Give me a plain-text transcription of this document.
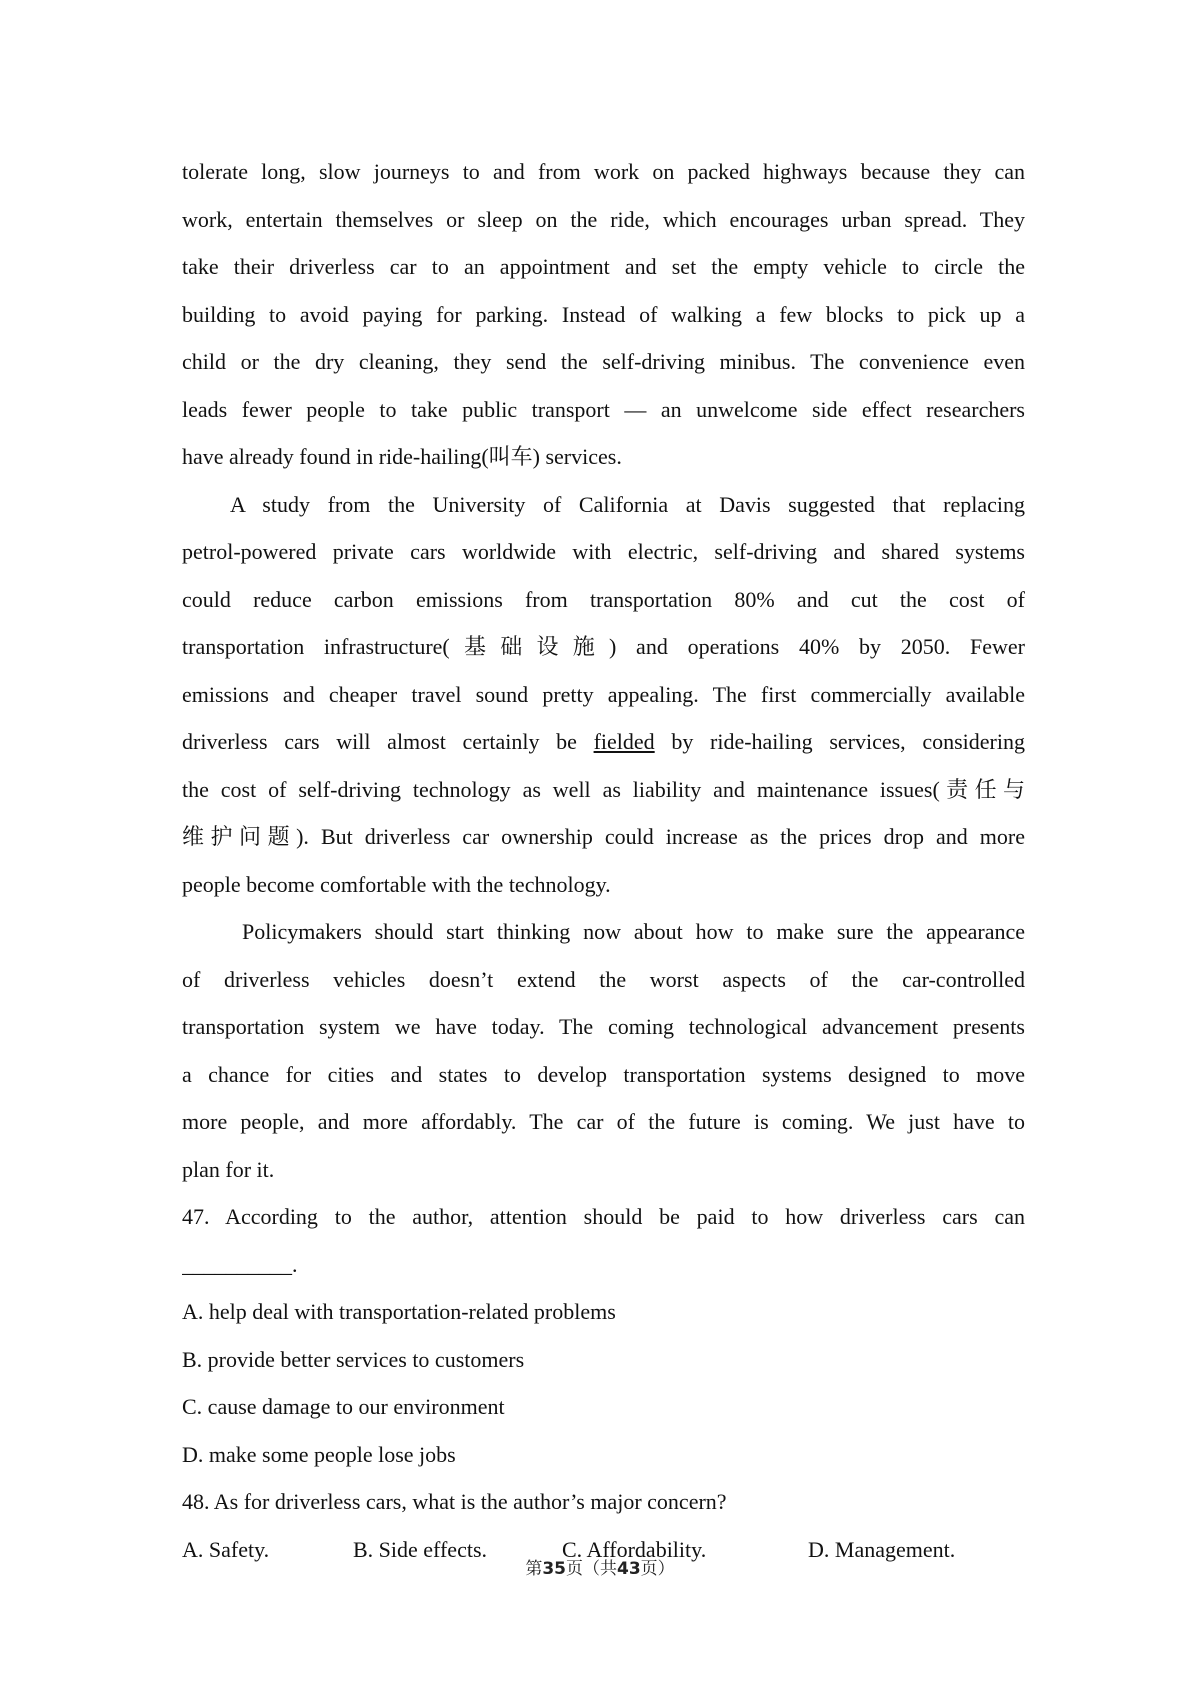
tolerate long, slow journeys to and from work on packed highways because they can
work, entertain themselves or sleep on the ride, which encourages urban spread. They
take their driverless car to an appointment and set the empty vehicle to circle the
building to avoid paying for parking. Instead of walking a few blocks to pick up a
child or the dry cleaning, they send the self-driving minibus. The convenience even
leads fewer people to take public transport — an unwelcome side effect researchers
have already found in ride-hailing(叫车) services.
A study from the University of California at Davis suggested that replacing
petrol-powered private cars worldwide with electric, self-driving and shared systems
could reduce carbon emissions from transportation 80% and cut the cost of
transportation infrastructure(基础设施) and operations 40% by 2050. Fewer
emissions and cheaper travel sound pretty appealing. The first commercially available
driverless cars will almost certainly be fielded by ride-hailing services, considering
the cost of self-driving technology as well as liability and maintenance issues(责任与
维护问题). But driverless car ownership could increase as the prices drop and more
people become comfortable with the technology.
Policymakers should start thinking now about how to make sure the appearance
of driverless vehicles doesn’t extend the worst aspects of the car-controlled
transportation system we have today. The coming technological advancement presents
a chance for cities and states to develop transportation systems designed to move
more people, and more affordably. The car of the future is coming. We just have to
plan for it.
47. According to the author, attention should be paid to how driverless cars can
__________.
A. help deal with transportation-related problems
B. provide better services to customers
C. cause damage to our environment
D. make some people lose jobs
48. As for driverless cars, what is the author’s major concern?
A. Safety.	B. Side effects.	C. Affordability.	D. Management.
第35页（共43页）
